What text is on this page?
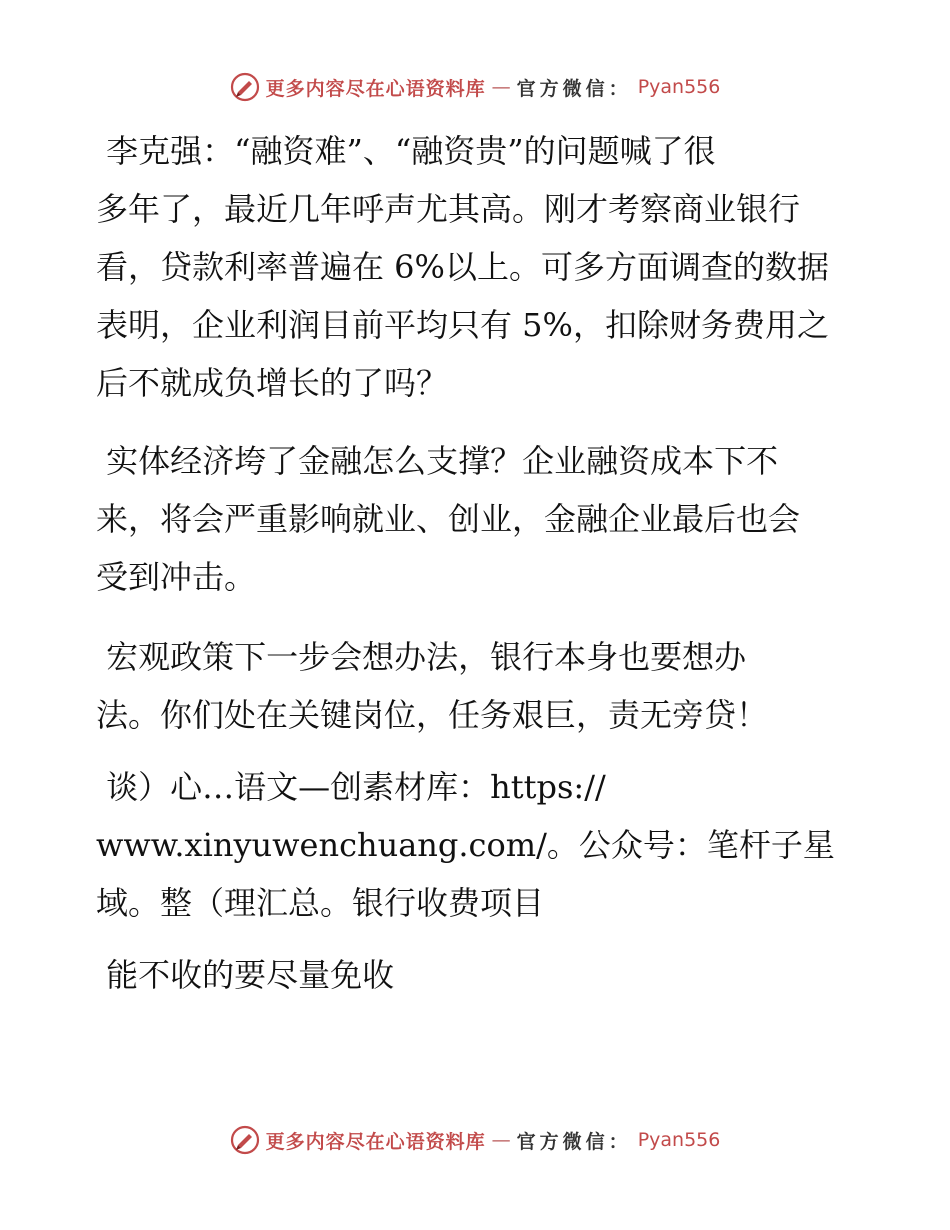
更多内容尽在心语资料库 — 官方微信： Pyan556

李克强：“融资难”、“融资贵”的问题喊了很
多年了，最近几年呼声尤其高。刚才考察商业银行
看，贷款利率普遍在 6%以上。可多方面调查的数据
表明，企业利润目前平均只有 5%，扣除财务费用之
后不就成负增长的了吗？

实体经济垮了金融怎么支撑？企业融资成本下不
来，将会严重影响就业、创业，金融企业最后也会
受到冲击。

宏观政策下一步会想办法，银行本身也要想办
法。你们处在关键岗位，任务艰巨，责无旁贷！

谈）心…语文—创素材库：https://
www.xinyuwenchuang.com/。公众号：笔杆子星
域。整（理汇总。银行收费项目

能不收的要尽量免收

更多内容尽在心语资料库 — 官方微信： Pyan556
